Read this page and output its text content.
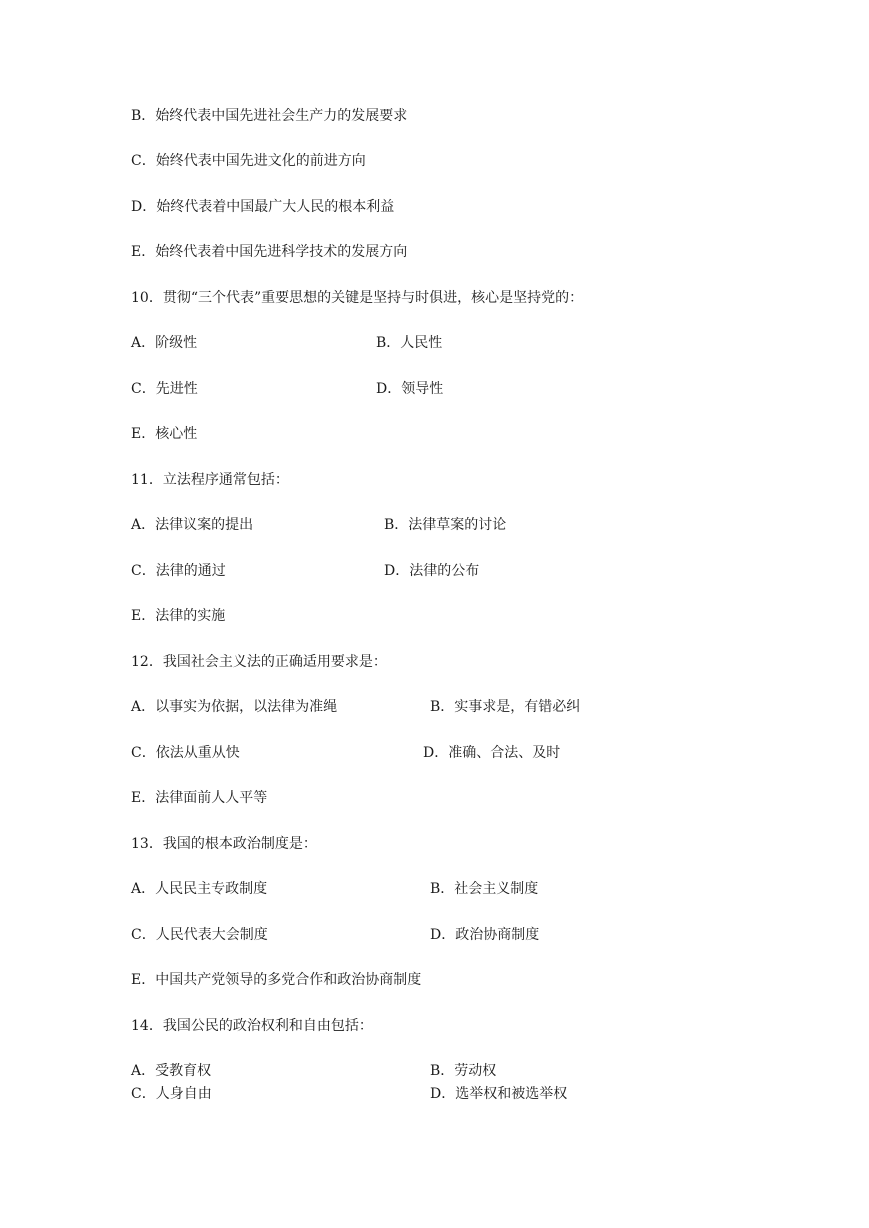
B．始终代表中国先进社会生产力的发展要求
C．始终代表中国先进文化的前进方向
D．始终代表着中国最广大人民的根本利益
E．始终代表着中国先进科学技术的发展方向
10．贯彻“三个代表”重要思想的关键是坚持与时俱进，核心是坚持党的：
A．阶级性	B．人民性
C．先进性	D．领导性
E．核心性
11．立法程序通常包括：
A．法律议案的提出	B．法律草案的讨论
C．法律的通过	D．法律的公布
E．法律的实施
12．我国社会主义法的正确适用要求是：
A．以事实为依据，以法律为准绳	B．实事求是，有错必纠
C．依法从重从快	D．准确、合法、及时
E．法律面前人人平等
13．我国的根本政治制度是：
A．人民民主专政制度	B．社会主义制度
C．人民代表大会制度	D．政治协商制度
E．中国共产党领导的多党合作和政治协商制度
14．我国公民的政治权利和自由包括：
A．受教育权	B．劳动权
C．人身自由	D．选举权和被选举权
